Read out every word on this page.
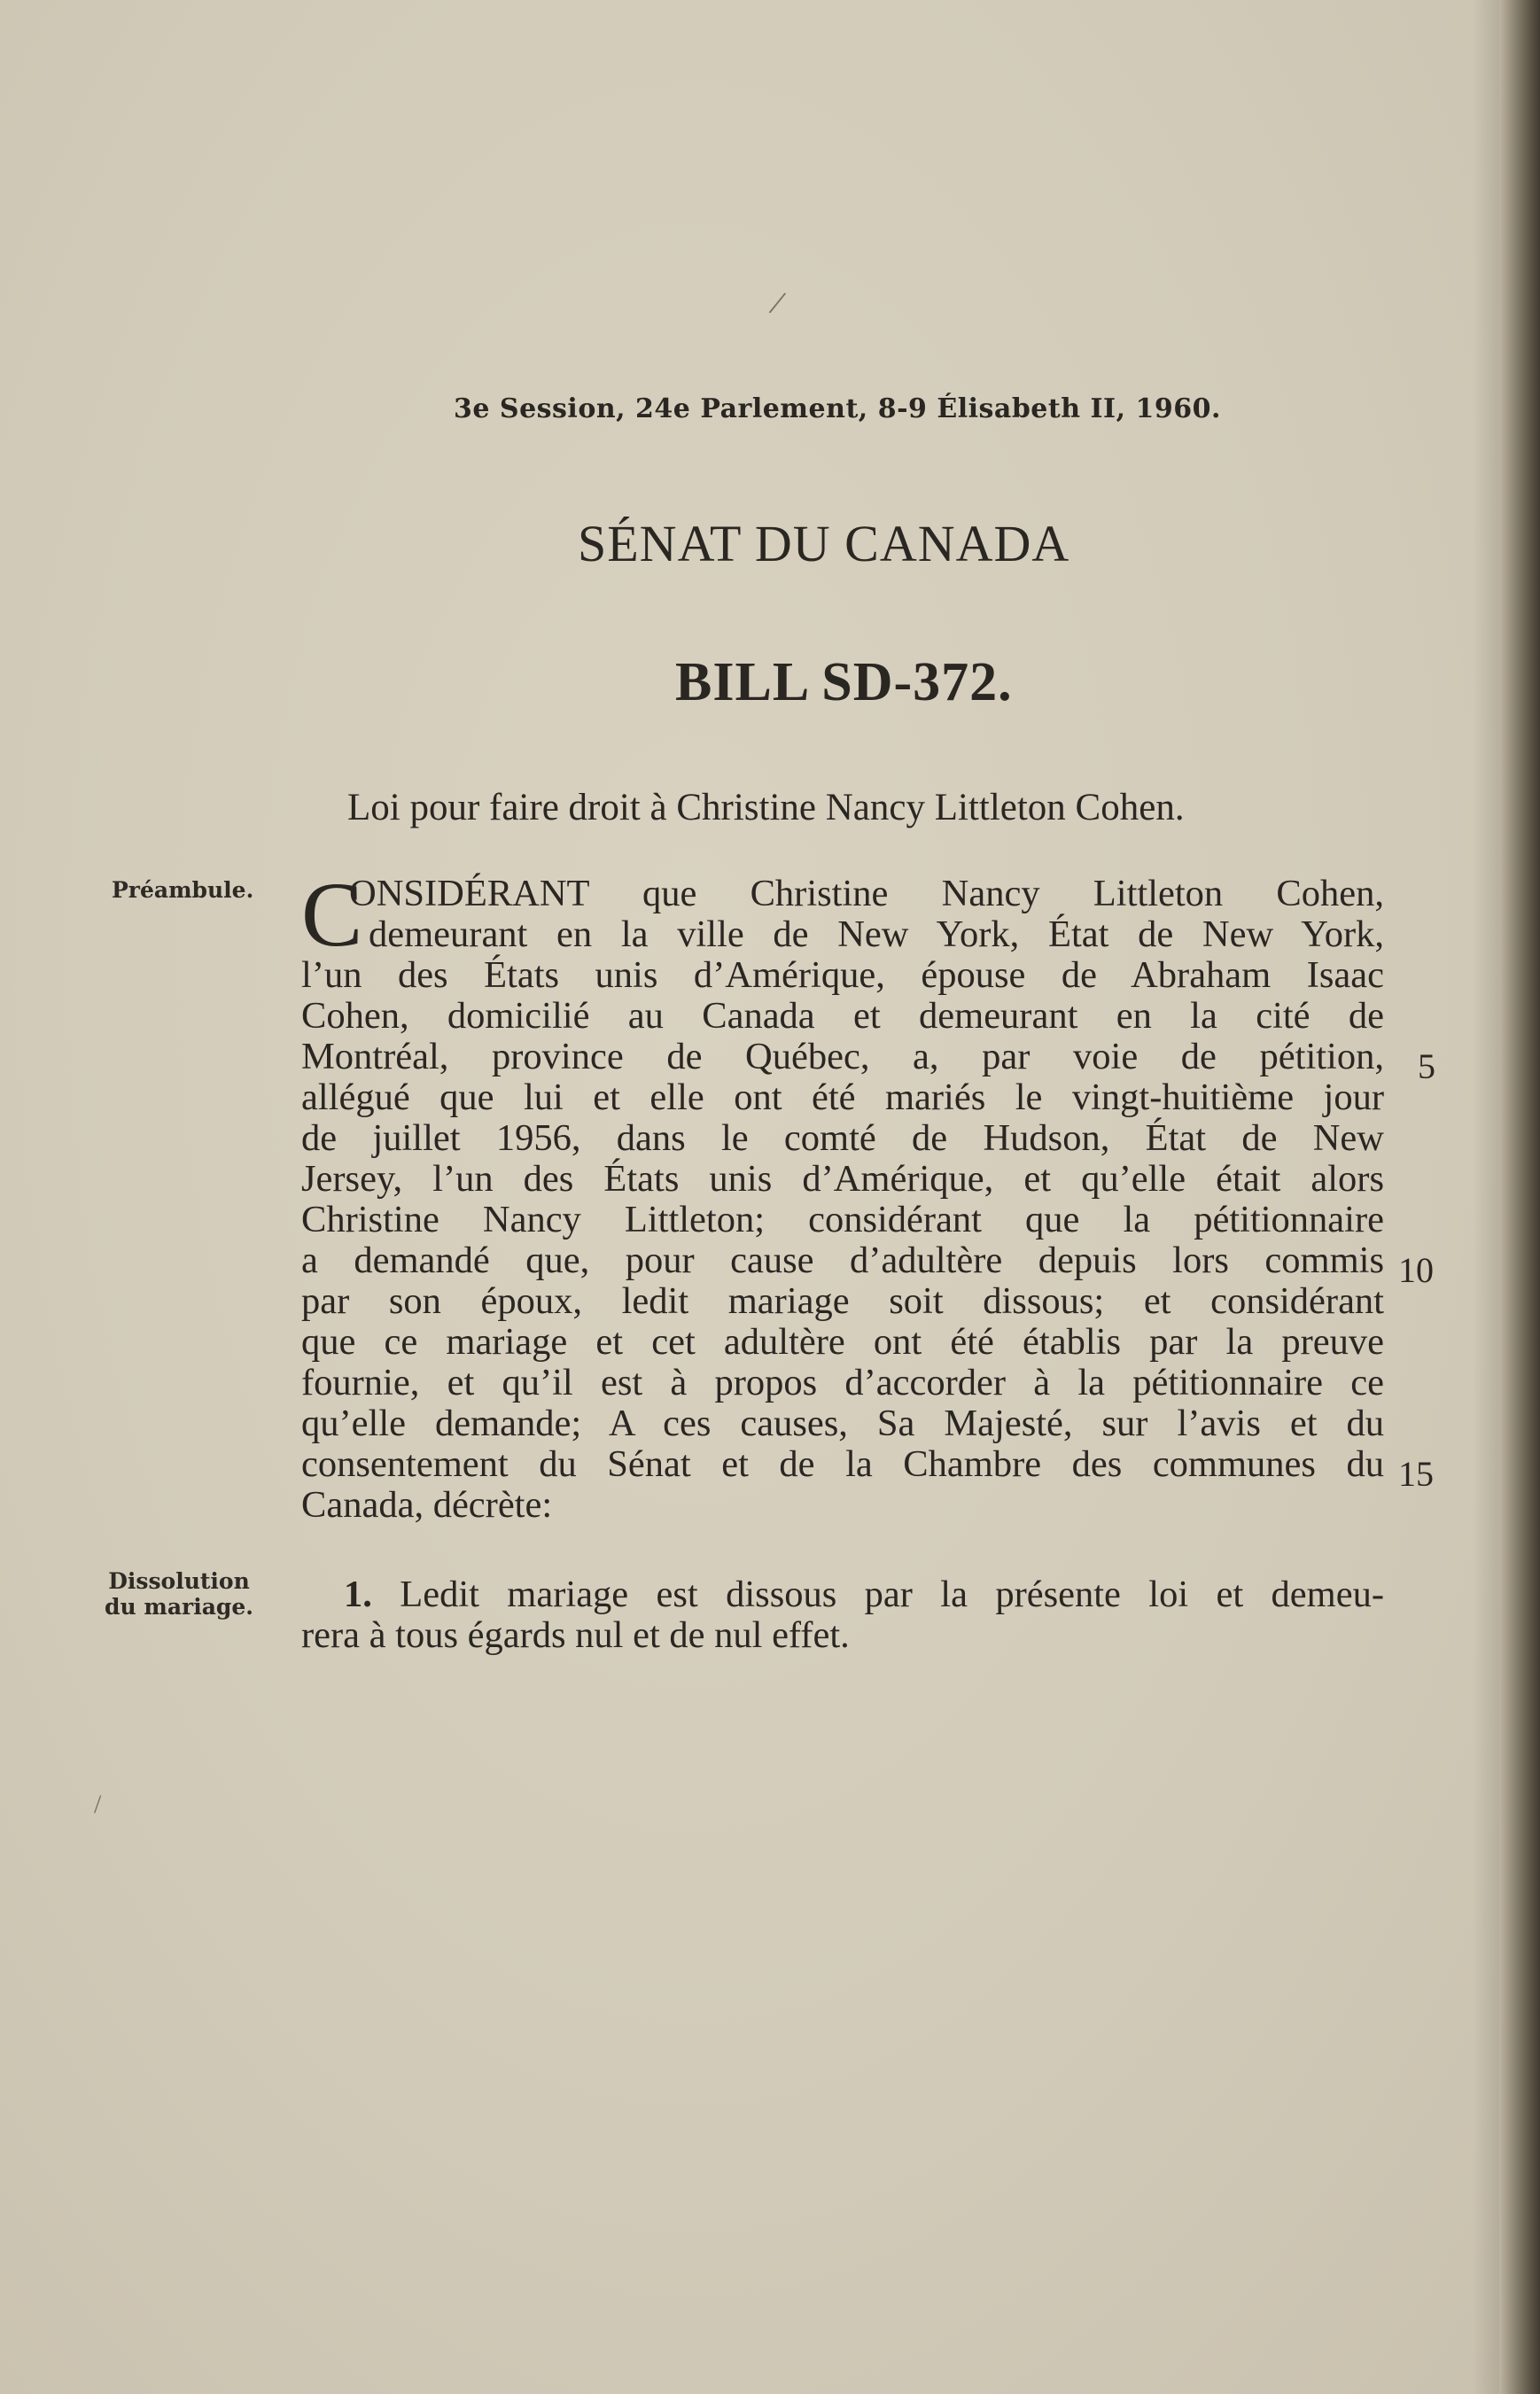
/
3e Session, 24e Parlement, 8-9 Élisabeth II, 1960.
SÉNAT DU CANADA
BILL SD-372.
Loi pour faire droit à Christine Nancy Littleton Cohen.
Préambule.
Dissolution
du mariage.
C
ONSIDÉRANT que Christine Nancy Littleton Cohen,
demeurant en la ville de New York, État de New York,
l’un des États unis d’Amérique, épouse de Abraham Isaac
Cohen, domicilié au Canada et demeurant en la cité de
Montréal, province de Québec, a, par voie de pétition,
allégué que lui et elle ont été mariés le vingt-huitième jour
de juillet 1956, dans le comté de Hudson, État de New
Jersey, l’un des États unis d’Amérique, et qu’elle était alors
Christine Nancy Littleton; considérant que la pétitionnaire
a demandé que, pour cause d’adultère depuis lors commis
par son époux, ledit mariage soit dissous; et considérant
que ce mariage et cet adultère ont été établis par la preuve
fournie, et qu’il est à propos d’accorder à la pétitionnaire ce
qu’elle demande; A ces causes, Sa Majesté, sur l’avis et du
consentement du Sénat et de la Chambre des communes du
Canada, décrète:
5
10
15
1. Ledit mariage est dissous par la présente loi et demeu-
rera à tous égards nul et de nul effet.
/
